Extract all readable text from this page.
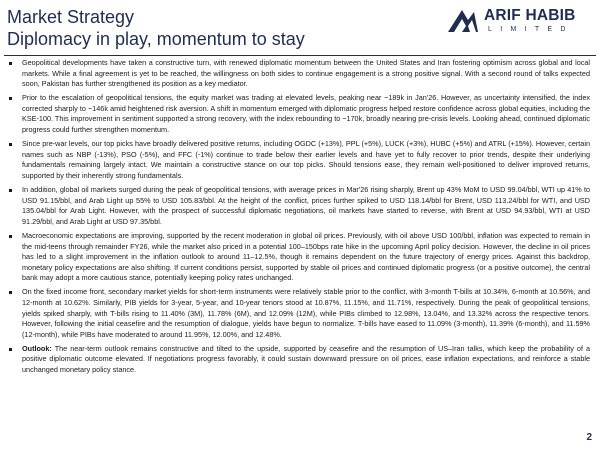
Market Strategy
Diplomacy in play, momentum to stay
ARIF HABIB
LIMITED
Geopolitical developments have taken a constructive turn, with renewed diplomatic momentum between the United States and Iran fostering optimism across global and local markets. While a final agreement is yet to be reached, the willingness on both sides to continue engagement is a strong positive signal. With a second round of talks expected soon, Pakistan has further strengthened its position as a key mediator.
Prior to the escalation of geopolitical tensions, the equity market was trading at elevated levels, peaking near ~189k in Jan'26. However, as uncertainty intensified, the index corrected sharply to ~146k amid heightened risk aversion. A shift in momentum emerged with diplomatic progress helped restore confidence across global equities, including the KSE-100. This improvement in sentiment supported a strong recovery, with the index rebounding to ~170k, broadly nearing pre-crisis levels. Looking ahead, continued diplomatic progress could further strengthen momentum.
Since pre-war levels, our top picks have broadly delivered positive returns, including OGDC (+13%), PPL (+5%), LUCK (+3%), HUBC (+5%) and ATRL (+15%). However, certain names such as NBP (-13%), PSO (-5%), and FFC (-1%) continue to trade below their earlier levels and have yet to fully recover to prior trends, despite their underlying fundamentals remaining largely intact. We maintain a constructive stance on our top picks. Should tensions ease, they remain well-positioned to deliver improved returns, supported by their inherently strong fundamentals.
In addition, global oil markets surged during the peak of geopolitical tensions, with average prices in Mar'26 rising sharply, Brent up 43% MoM to USD 99.04/bbl, WTI up 41% to USD 91.15/bbl, and Arab Light up 55% to USD 105.83/bbl. At the height of the conflict, prices further spiked to USD 118.14/bbl for Brent, USD 113.24/bbl for WTI, and USD 135.04/bbl for Arab Light. However, with the prospect of successful diplomatic negotiations, oil markets have started to reverse, with Brent at USD 94.93/bbl, WTI at USD 91.29/bbl, and Arab Light at USD 97.35/bbl.
Macroeconomic expectations are improving, supported by the recent moderation in global oil prices. Previously, with oil above USD 100/bbl, inflation was expected to remain in the mid-teens through remainder FY26, while the market also priced in a potential 100–150bps rate hike in the upcoming April policy decision. However, the decline in oil prices has led to a slight improvement in the inflation outlook to around 11–12.5%, though it remains dependent on the future trajectory of energy prices. Against this backdrop, monetary policy expectations are also shifting. If current conditions persist, supported by stable oil prices and continued diplomatic progress (or a positive outcome), the central bank may adopt a more cautious stance, potentially keeping policy rates unchanged.
On the fixed income front, secondary market yields for short-term instruments were relatively stable prior to the conflict, with 3-month T-bills at 10.34%, 6-month at 10.56%, and 12-month at 10.62%. Similarly, PIB yields for 3-year, 5-year, and 10-year tenors stood at 10.87%, 11.15%, and 11.71%, respectively. During the peak of geopolitical tensions, yields spiked sharply, with T-bills rising to 11.40% (3M), 11.78% (6M), and 12.09% (12M), while PIBs climbed to 12.98%, 13.04%, and 13.32% across the respective tenors. However, following the initial ceasefire and the resumption of dialogue, yields have begun to normalize. T-bills have eased to 11.09% (3-month), 11.39% (6-month), and 11.59% (12-month), while PIBs have moderated to around 11.95%, 12.00%, and 12.48%.
Outlook: The near-term outlook remains constructive and tilted to the upside, supported by ceasefire and the resumption of US–Iran talks, which keep the probability of a positive diplomatic outcome elevated. If negotiations progress favorably, it could sustain downward pressure on oil prices, ease inflation expectations, and reinforce a stable unchanged monetary policy stance.
2
